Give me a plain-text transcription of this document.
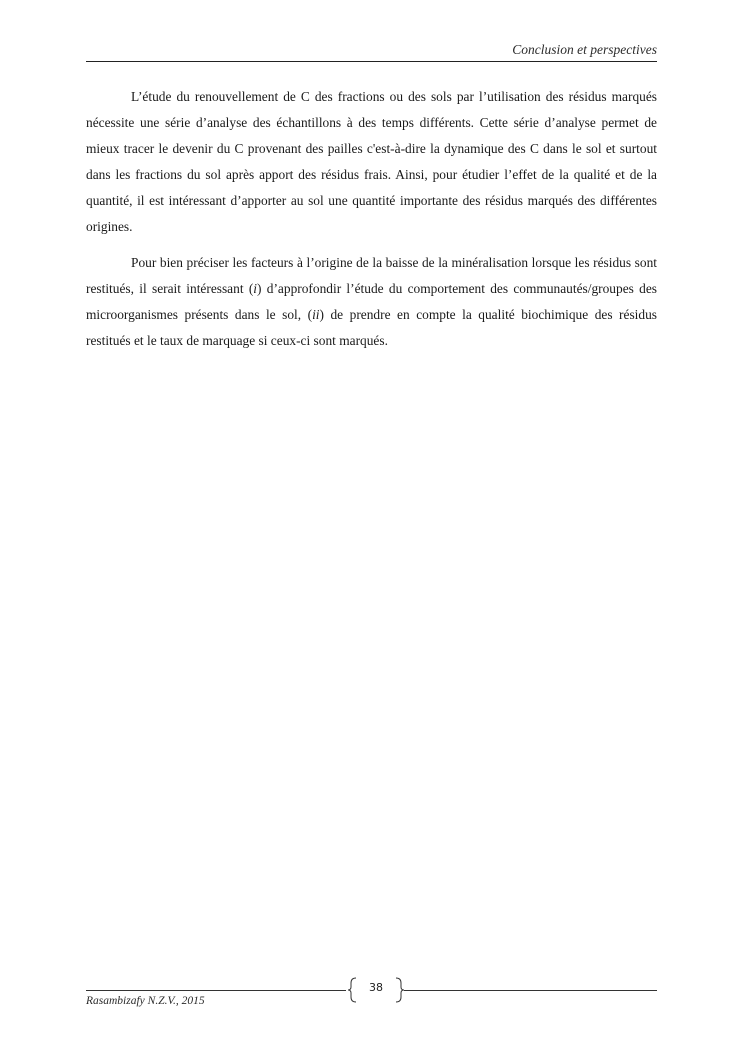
Conclusion et perspectives

L’étude du renouvellement de C des fractions ou des sols par l’utilisation des résidus marqués nécessite une série d’analyse des échantillons à des temps différents. Cette série d’analyse permet de mieux tracer le devenir du C provenant des pailles c'est-à-dire la dynamique des C dans le sol et surtout dans les fractions du sol après apport des résidus frais. Ainsi, pour étudier l’effet de la qualité et de la quantité, il est intéressant d’apporter au sol une quantité importante des résidus marqués des différentes origines.

Pour bien préciser les facteurs à l’origine de la baisse de la minéralisation lorsque les résidus sont restitués, il serait intéressant (i) d’approfondir l’étude du comportement des communautés/groupes des microorganismes présents dans le sol, (ii) de prendre en compte la qualité biochimique des résidus restitués et le taux de marquage si ceux-ci sont marqués.

38
Rasambizafy N.Z.V., 2015
